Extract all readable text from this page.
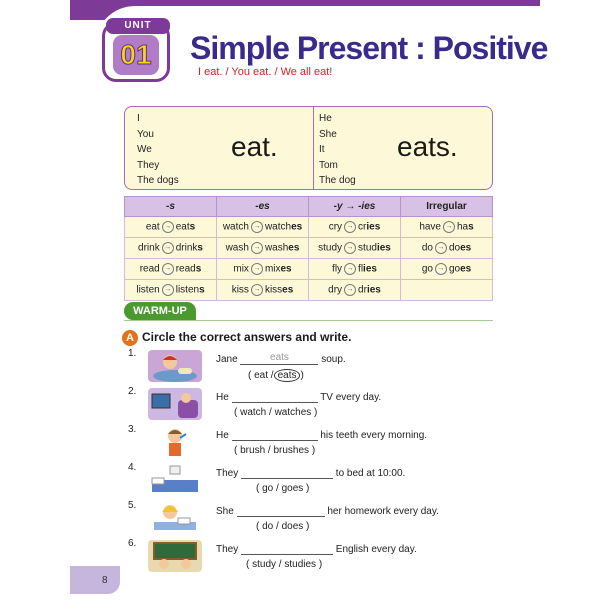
01
UNIT
Simple Present : Positive
I eat. / You eat. / We all eat!
I
You
We
They
The dogs
eat.
He
She
It
Tom
The dog
eats.
-s	-es	-y → -ies	Irregular
eat → eats	watch → watches	cry → cries	have → has
drink → drinks	wash → washes	study → studies	do → does
read → reads	mix → mixes	fly → flies	go → goes
listen → listens	kiss → kisses	dry → dries	
WARM-UP
A Circle the correct answers and write.
1.
Jane	eats	soup.
( eat / eats )
2.
He	TV every day.
( watch / watches )
3.
He	his teeth every morning.
( brush / brushes )
4.
They	to bed at 10:00.
( go / goes )
5.
She	her homework every day.
( do / does )
6.
They	English every day.
( study / studies )
8
